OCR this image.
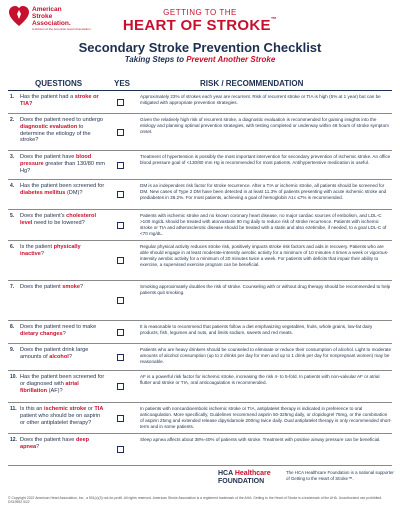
American
Stroke
Association.
A division of the American Heart Association
GETTING TO THE
HEART OF STROKE™
Secondary Stroke Prevention Checklist
Taking Steps to Prevent Another Stroke
QUESTIONS	YES	RISK / RECOMMENDATION
1. Has the patient had a stroke or TIA?
Approximately 23% of strokes each year are recurrent. Risk of recurrent stroke or TIA is high (5% at 1 year) but can be mitigated with appropriate prevention strategies.
2. Does the patient need to undergo diagnostic evaluation to determine the etiology of the stroke?
Given the relatively high risk of recurrent stroke, a diagnostic evaluation is recommended for gaining insights into the etiology and planning optimal prevention strategies, with testing completed or underway within 48 hours of stroke symptom onset.
3. Does the patient have blood pressure greater than 130/80 mm Hg?
Treatment of hypertension is possibly the most important intervention for secondary prevention of ischemic stroke. An office blood pressure goal of <130/80 mm Hg is recommended for most patients. Antihypertensive medication is useful.
4. Has the patient been screened for diabetes mellitus (DM)?
DM is an independent risk factor for stroke recurrence. After a TIA or ischemic stroke, all patients should be screened for DM. New cases of Type 2 DM have been detected in at least 11.3% of patients presenting with acute ischemic stroke and prediabetes in 36.2%. For most patients, achieving a goal of hemoglobin A1c ≤7% is recommended.
5. Does the patient's cholesterol level need to be lowered?
Patients with ischemic stroke and no known coronary heart disease, no major cardiac sources of embolism, and LDL-C >100 mg/dL should be treated with atorvastatin 80 mg daily to reduce risk of stroke recurrence. Patients with ischemic stroke or TIA and atherosclerotic disease should be treated with a statin and also ezetimibe, if needed, to a goal LDL-C of <70 mg/dL.
6. Is the patient physically inactive?
Regular physical activity reduces stroke risk, positively impacts stroke risk factors and aids in recovery. Patients who are able should engage in at least moderate-intensity aerobic activity for a minimum of 10 minutes 4 times a week or vigorous-intensity aerobic activity for a minimum of 20 minutes twice a week. For patients with deficits that impair their ability to exercise, a supervised exercise program can be beneficial.
7. Does the patient smoke?	Smoking approximately doubles the risk of stroke. Counseling with or without drug therapy should be recommended to help patients quit smoking.
8. Does the patient need to make dietary changes?
It is reasonable to recommend that patients follow a diet emphasizing vegetables, fruits, whole grains, low-fat dairy products, fish, legumes and nuts, and limits sodium, sweets and red meats.
9. Does the patient drink large amounts of alcohol?
Patients who are heavy drinkers should be counseled to eliminate or reduce their consumption of alcohol. Light to moderate amounts of alcohol consumption (up to 2 drinks per day for men and up to 1 drink per day for nonpregnant women) may be reasonable.
10. Has the patient been screened for or diagnosed with atrial fibrillation (AF)?
AF is a powerful risk factor for ischemic stroke, increasing the risk 4- to 5-fold. In patients with non-valvular AF or atrial flutter and stroke or TIA, oral anticoagulation is recommended.
11. Is this an ischemic stroke or TIA patient who should be on aspirin or other antiplatelet therapy?
In patients with noncardioembolic ischemic stroke or TIA, antiplatelet therapy is indicated in preference to oral anticoagulation. More specifically, Guidelines recommend aspirin 50-325mg daily, or clopidogrel 75mg, or the combination of aspirin 25mg and extended release dipyridamole 200mg twice daily. Dual antiplatelet therapy is only recommended short-term and in some patients.
12. Does the patient have deep apnea?
Sleep apnea affects about 38%-40% of patients with stroke. Treatment with positive airway pressure can be beneficial.
HCA Healthcare
FOUNDATION
The HCA Healthcare Foundation is a national supporter of Getting to the Heart of Stroke™.
© Copyright 2022 American Heart Association, Inc., a 501(c)(3) not-for-profit. All rights reserved. American Stroke Association is a registered trademark of the AHA. Getting to the Heart of Stroke is a trademark of the AHA. Unauthorized use prohibited. DS19592 5/22
